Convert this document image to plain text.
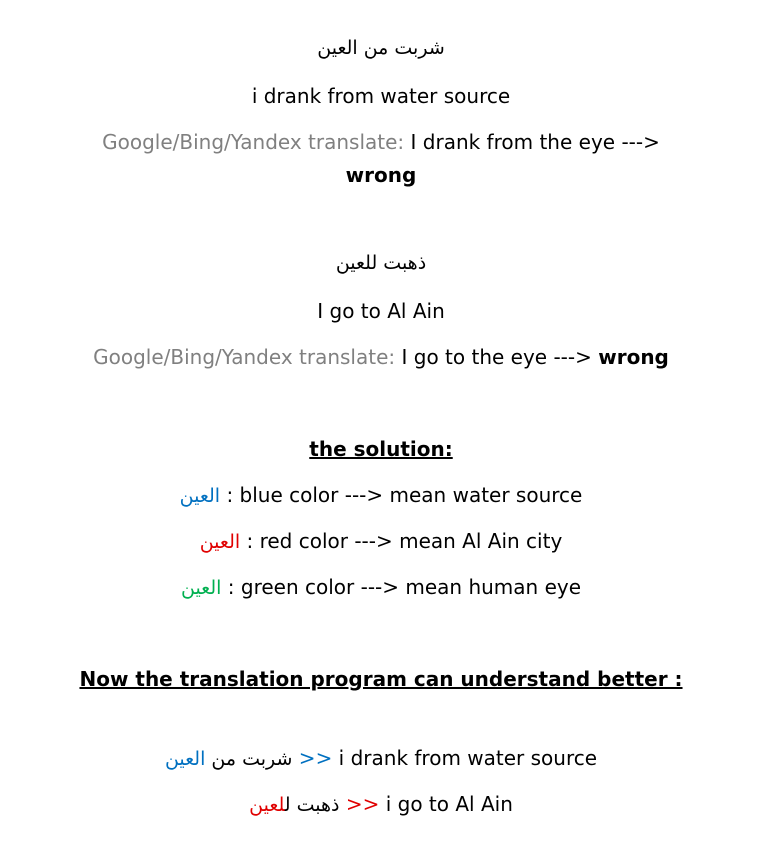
شربت من العين
i drank from water source
Google/Bing/Yandex translate: I drank from the eye --->
wrong
ذهبت للعين
I go to Al Ain
Google/Bing/Yandex translate: I go to the eye ---> wrong
the solution:
العين : blue color ---> mean water source
العين : red color ---> mean Al Ain city
العين : green color ---> mean human eye
Now the translation program can understand better :
شربت من العين	>> i drank from water source
ذهبت للعين	>> i go to Al Ain
